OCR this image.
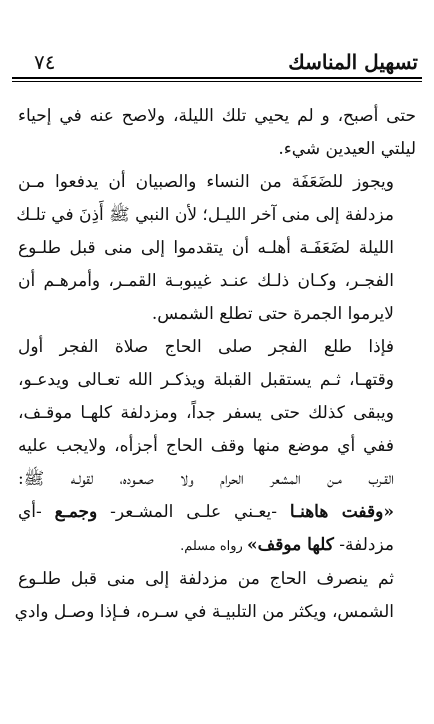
تسهيل المناسك
٧٤

حتى أصبح، و لم يحيي تلك الليلة، ولاصح عنه في إحياء
ليلتي العيدين شيء.

ويجوز للضَعَفَة من النساء والصبيان أن يدفعوا مـن
مزدلفة إلى منى آخر الليـل؛ لأن النبي ﷺ أَذِنَ في تلـك
الليلة لضَعَفَـة أهلـه أن يتقدموا إلى منى قبل طلـوع
الفجـر، وكـان ذلـك عنـد غيبوبـة القمـر، وأمرهـم أن
لايرموا الجمرة حتى تطلع الشمس.

فإذا طلع الفجر صلى الحاج صلاة الفجر أول
وقتهـا، ثـم يستقبل القبلة ويذكـر الله تعـالى ويدعـو،
ويبقى كذلك حتى يسفر جداً، ومزدلفة كلهـا موقـف،
ففي أي موضع منها وقف الحاج أجزأه، ولايجب عليه
القـرب مـن المشعر الحرام ولا صعـوده، لقولـه ﷺ:
«وقفت هاهنـا -يعـني علـى المشـعر- وجمـع -أي
مزدلفة- كلها موقف» رواه مسلم.

ثم ينصرف الحاج من مزدلفة إلى منى قبل طلـوع
الشمس، ويكثر من التلبيـة في سـره، فـإذا وصـل وادي
